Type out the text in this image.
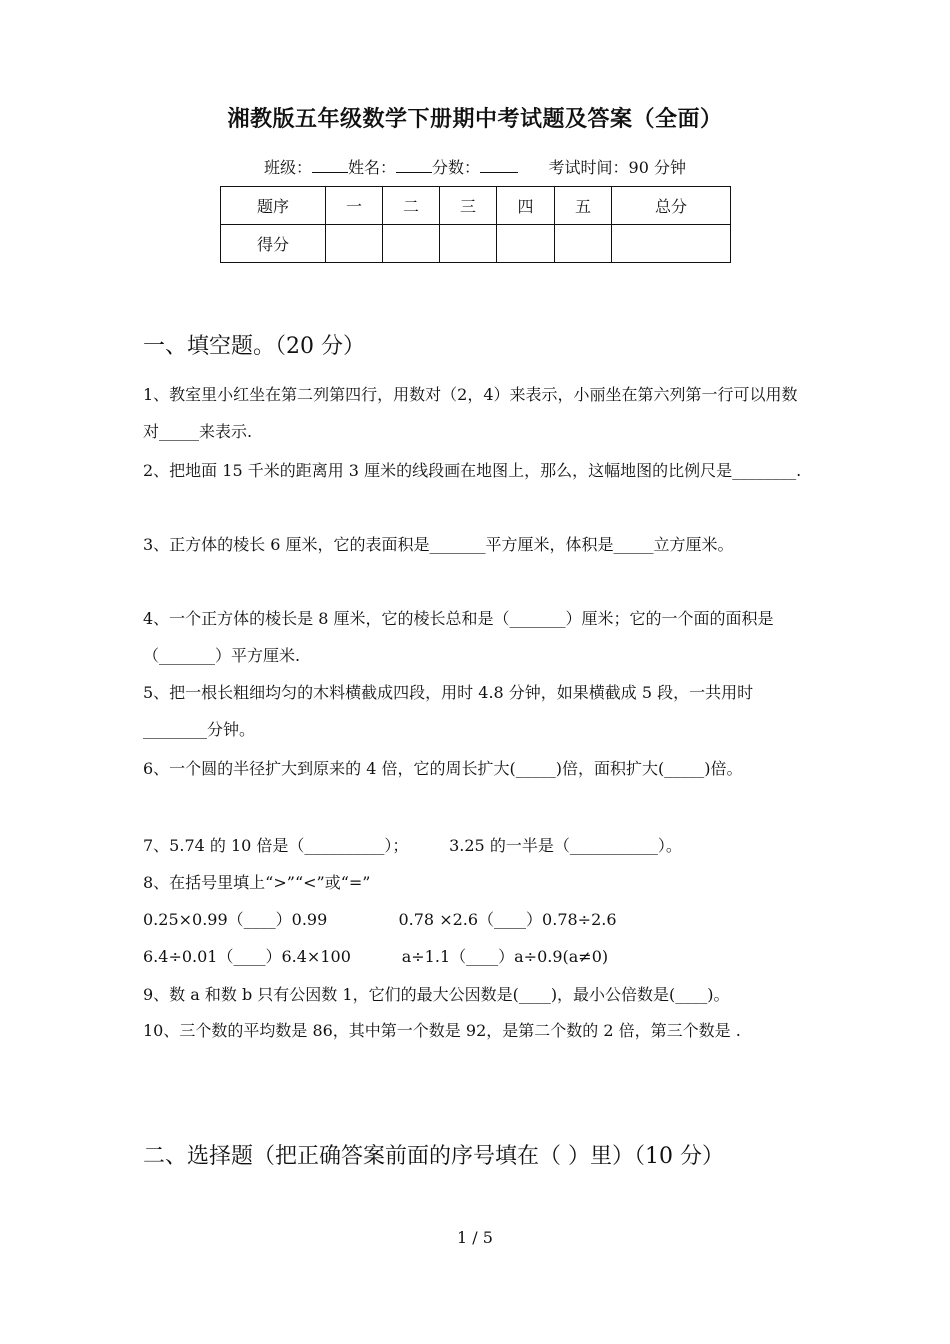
湘教版五年级数学下册期中考试题及答案（全面）
班级： 姓名： 分数：	考试时间：90 分钟
题序	一	二	三	四	五	总分
得分						
一、填空题。（20 分）
1、教室里小红坐在第二列第四行，用数对（2，4）来表示，小丽坐在第六列第一行可以用数对_____来表示.
2、把地面 15 千米的距离用 3 厘米的线段画在地图上，那么，这幅地图的比例尺是________.
3、正方体的棱长 6 厘米，它的表面积是_______平方厘米，体积是_____立方厘米。
4、一个正方体的棱长是 8 厘米，它的棱长总和是（_______）厘米；它的一个面的面积是（_______）平方厘米.
5、把一根长粗细均匀的木料横截成四段，用时 4.8 分钟，如果横截成 5 段，一共用时________分钟。
6、一个圆的半径扩大到原来的 4 倍，它的周长扩大(_____)倍，面积扩大(_____)倍。
7、5.74 的 10 倍是（__________）；        3.25 的一半是（___________）。
8、在括号里填上“>”“<”或“=”
0.25×0.99（____）0.99              0.78 ×2.6（____）0.78÷2.6
6.4÷0.01（____）6.4×100          a÷1.1（____）a÷0.9(a≠0)
9、数 a 和数 b 只有公因数 1，它们的最大公因数是(____)，最小公倍数是(____)。
10、三个数的平均数是 86，其中第一个数是 92，是第二个数的 2 倍，第三个数是 .
二、选择题（把正确答案前面的序号填在（ ）里）（10 分）
1 / 5
